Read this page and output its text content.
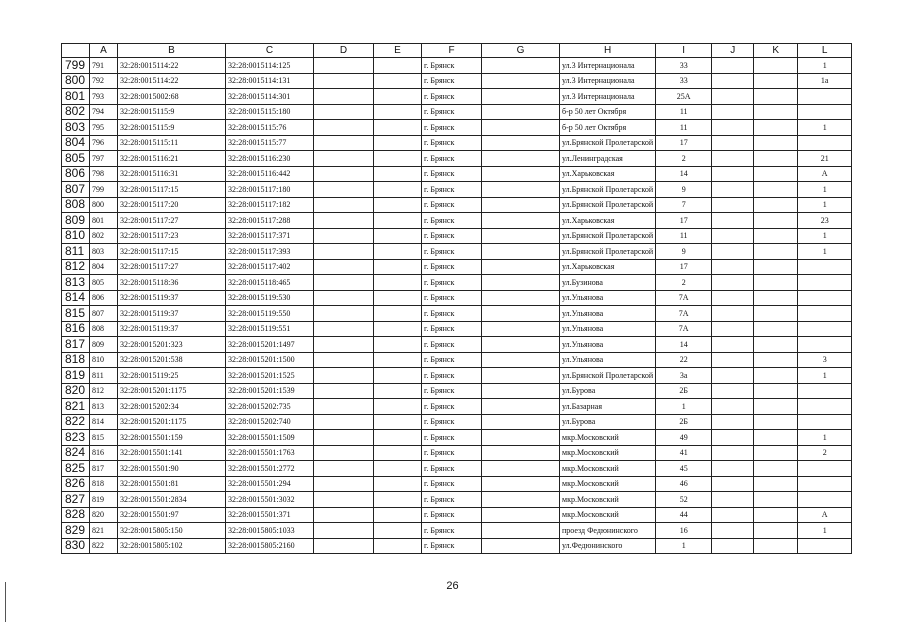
	A	B	C	D	E	F	G	H	I	J	K	L
799	791	32:28:0015114:22	32:28:0015114:125			г. Брянск		ул.3 Интернационала	33			1
800	792	32:28:0015114:22	32:28:0015114:131			г. Брянск		ул.3 Интернационала	33			1а
801	793	32:28:0015002:68	32:28:0015114:301			г. Брянск		ул.3 Интернационала	25А			
802	794	32:28:0015115:9	32:28:0015115:180			г. Брянск		б-р 50 лет Октября	11			
803	795	32:28:0015115:9	32:28:0015115:76			г. Брянск		б-р 50 лет Октября	11			1
804	796	32:28:0015115:11	32:28:0015115:77			г. Брянск		ул.Брянской Пролетарской	17			
805	797	32:28:0015116:21	32:28:0015116:230			г. Брянск		ул.Ленинградская	2			21
806	798	32:28:0015116:31	32:28:0015116:442			г. Брянск		ул.Харьковская	14			А
807	799	32:28:0015117:15	32:28:0015117:180			г. Брянск		ул.Брянской Пролетарской	9			1
808	800	32:28:0015117:20	32:28:0015117:182			г. Брянск		ул.Брянской Пролетарской	7			1
809	801	32:28:0015117:27	32:28:0015117:288			г. Брянск		ул.Харьковская	17			23
810	802	32:28:0015117:23	32:28:0015117:371			г. Брянск		ул.Брянской Пролетарской	11			1
811	803	32:28:0015117:15	32:28:0015117:393			г. Брянск		ул.Брянской Пролетарской	9			1
812	804	32:28:0015117:27	32:28:0015117:402			г. Брянск		ул.Харьковская	17			
813	805	32:28:0015118:36	32:28:0015118:465			г. Брянск		ул.Бузинова	2			
814	806	32:28:0015119:37	32:28:0015119:530			г. Брянск		ул.Ульянова	7А			
815	807	32:28:0015119:37	32:28:0015119:550			г. Брянск		ул.Ульянова	7А			
816	808	32:28:0015119:37	32:28:0015119:551			г. Брянск		ул.Ульянова	7А			
817	809	32:28:0015201:323	32:28:0015201:1497			г. Брянск		ул.Ульянова	14			
818	810	32:28:0015201:538	32:28:0015201:1500			г. Брянск		ул.Ульянова	22			3
819	811	32:28:0015119:25	32:28:0015201:1525			г. Брянск		ул.Брянской Пролетарской	3а			1
820	812	32:28:0015201:1175	32:28:0015201:1539			г. Брянск		ул.Бурова	2Б			
821	813	32:28:0015202:34	32:28:0015202:735			г. Брянск		ул.Базарная	1			
822	814	32:28:0015201:1175	32:28:0015202:740			г. Брянск		ул.Бурова	2Б			
823	815	32:28:0015501:159	32:28:0015501:1509			г. Брянск		мкр.Московский	49			1
824	816	32:28:0015501:141	32:28:0015501:1763			г. Брянск		мкр.Московский	41			2
825	817	32:28:0015501:90	32:28:0015501:2772			г. Брянск		мкр.Московский	45			
826	818	32:28:0015501:81	32:28:0015501:294			г. Брянск		мкр.Московский	46			
827	819	32:28:0015501:2834	32:28:0015501:3032			г. Брянск		мкр.Московский	52			
828	820	32:28:0015501:97	32:28:0015501:371			г. Брянск		мкр.Московский	44			А
829	821	32:28:0015805:150	32:28:0015805:1033			г. Брянск		проезд Федюнинского	16			1
830	822	32:28:0015805:102	32:28:0015805:2160			г. Брянск		ул.Федюнинского	1			
26
